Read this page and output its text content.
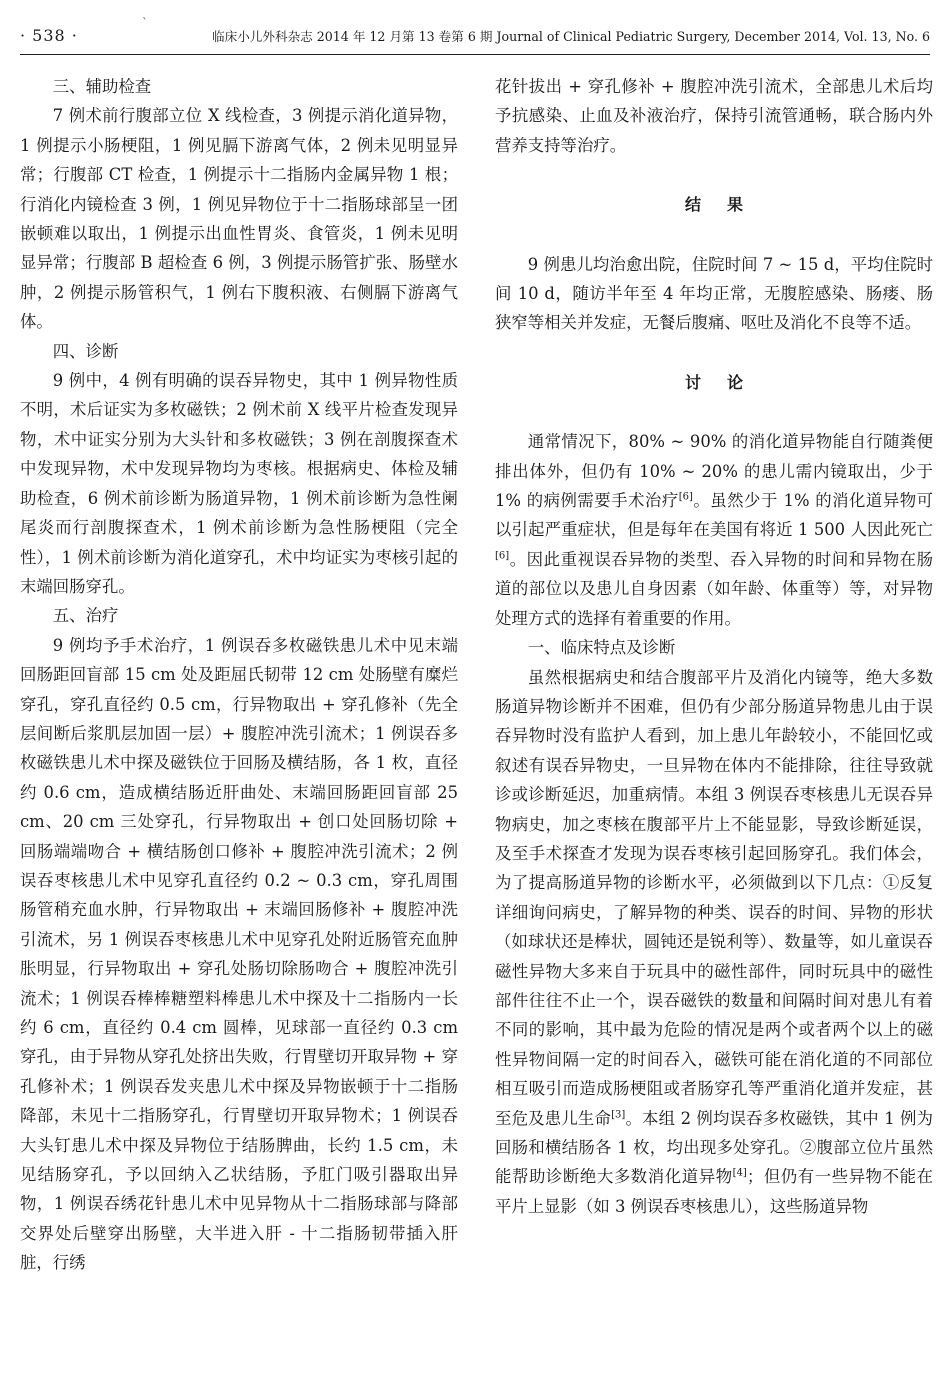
· 538 ·
`
临床小儿外科杂志 2014 年 12 月第 13 卷第 6 期 Journal of Clinical Pediatric Surgery, December 2014, Vol. 13, No. 6
三、辅助检查

7 例术前行腹部立位 X 线检查，3 例提示消化道异物，1 例提示小肠梗阻，1 例见膈下游离气体，2 例未见明显异常；行腹部 CT 检查，1 例提示十二指肠内金属异物 1 根；行消化内镜检查 3 例，1 例见异物位于十二指肠球部呈一团嵌顿难以取出，1 例提示出血性胃炎、食管炎，1 例未见明显异常；行腹部 B 超检查 6 例，3 例提示肠管扩张、肠壁水肿，2 例提示肠管积气，1 例右下腹积液、右侧膈下游离气体。

四、诊断

9 例中，4 例有明确的误吞异物史，其中 1 例异物性质不明，术后证实为多枚磁铁；2 例术前 X 线平片检查发现异物，术中证实分别为大头针和多枚磁铁；3 例在剖腹探查术中发现异物，术中发现异物均为枣核。根据病史、体检及辅助检查，6 例术前诊断为肠道异物，1 例术前诊断为急性阑尾炎而行剖腹探查术，1 例术前诊断为急性肠梗阻（完全性），1 例术前诊断为消化道穿孔，术中均证实为枣核引起的末端回肠穿孔。

五、治疗

9 例均予手术治疗，1 例误吞多枚磁铁患儿术中见末端回肠距回盲部 15 cm 处及距屈氏韧带 12 cm 处肠壁有糜烂穿孔，穿孔直径约 0.5 cm，行异物取出 + 穿孔修补（先全层间断后浆肌层加固一层）+ 腹腔冲洗引流术；1 例误吞多枚磁铁患儿术中探及磁铁位于回肠及横结肠，各 1 枚，直径约 0.6 cm，造成横结肠近肝曲处、末端回肠距回盲部 25 cm、20 cm 三处穿孔，行异物取出 + 创口处回肠切除 + 回肠端端吻合 + 横结肠创口修补 + 腹腔冲洗引流术；2 例误吞枣核患儿术中见穿孔直径约 0.2 ~ 0.3 cm，穿孔周围肠管稍充血水肿，行异物取出 + 末端回肠修补 + 腹腔冲洗引流术，另 1 例误吞枣核患儿术中见穿孔处附近肠管充血肿胀明显，行异物取出 + 穿孔处肠切除肠吻合 + 腹腔冲洗引流术；1 例误吞棒棒糖塑料棒患儿术中探及十二指肠内一长约 6 cm，直径约 0.4 cm 圆棒，见球部一直径约 0.3 cm 穿孔，由于异物从穿孔处挤出失败，行胃壁切开取异物 + 穿孔修补术；1 例误吞发夹患儿术中探及异物嵌顿于十二指肠降部，未见十二指肠穿孔，行胃壁切开取异物术；1 例误吞大头钉患儿术中探及异物位于结肠脾曲，长约 1.5 cm，未见结肠穿孔，予以回纳入乙状结肠，予肛门吸引器取出异物，1 例误吞绣花针患儿术中见异物从十二指肠球部与降部交界处后壁穿出肠壁，大半进入肝 - 十二指肠韧带插入肝脏，行绣

花针拔出 + 穿孔修补 + 腹腔冲洗引流术，全部患儿术后均予抗感染、止血及补液治疗，保持引流管通畅，联合肠内外营养支持等治疗。

结果

9 例患儿均治愈出院，住院时间 7 ~ 15 d，平均住院时间 10 d，随访半年至 4 年均正常，无腹腔感染、肠瘘、肠狭窄等相关并发症，无餐后腹痛、呕吐及消化不良等不适。

讨论

通常情况下，80% ~ 90% 的消化道异物能自行随粪便排出体外，但仍有 10% ~ 20% 的患儿需内镜取出，少于 1% 的病例需要手术治疗[6]。虽然少于 1% 的消化道异物可以引起严重症状，但是每年在美国有将近 1 500 人因此死亡[6]。因此重视误吞异物的类型、吞入异物的时间和异物在肠道的部位以及患儿自身因素（如年龄、体重等）等，对异物处理方式的选择有着重要的作用。

一、临床特点及诊断

虽然根据病史和结合腹部平片及消化内镜等，绝大多数肠道异物诊断并不困难，但仍有少部分肠道异物患儿由于误吞异物时没有监护人看到，加上患儿年龄较小，不能回忆或叙述有误吞异物史，一旦异物在体内不能排除，往往导致就诊或诊断延迟，加重病情。本组 3 例误吞枣核患儿无误吞异物病史，加之枣核在腹部平片上不能显影，导致诊断延误，及至手术探查才发现为误吞枣核引起回肠穿孔。我们体会，为了提高肠道异物的诊断水平，必须做到以下几点：①反复详细询问病史，了解异物的种类、误吞的时间、异物的形状（如球状还是棒状，圆钝还是锐利等）、数量等，如儿童误吞磁性异物大多来自于玩具中的磁性部件，同时玩具中的磁性部件往往不止一个，误吞磁铁的数量和间隔时间对患儿有着不同的影响，其中最为危险的情况是两个或者两个以上的磁性异物间隔一定的时间吞入，磁铁可能在消化道的不同部位相互吸引而造成肠梗阻或者肠穿孔等严重消化道并发症，甚至危及患儿生命[3]。本组 2 例均误吞多枚磁铁，其中 1 例为回肠和横结肠各 1 枚，均出现多处穿孔。②腹部立位片虽然能帮助诊断绝大多数消化道异物[4]；但仍有一些异物不能在平片上显影（如 3 例误吞枣核患儿），这些肠道异物
